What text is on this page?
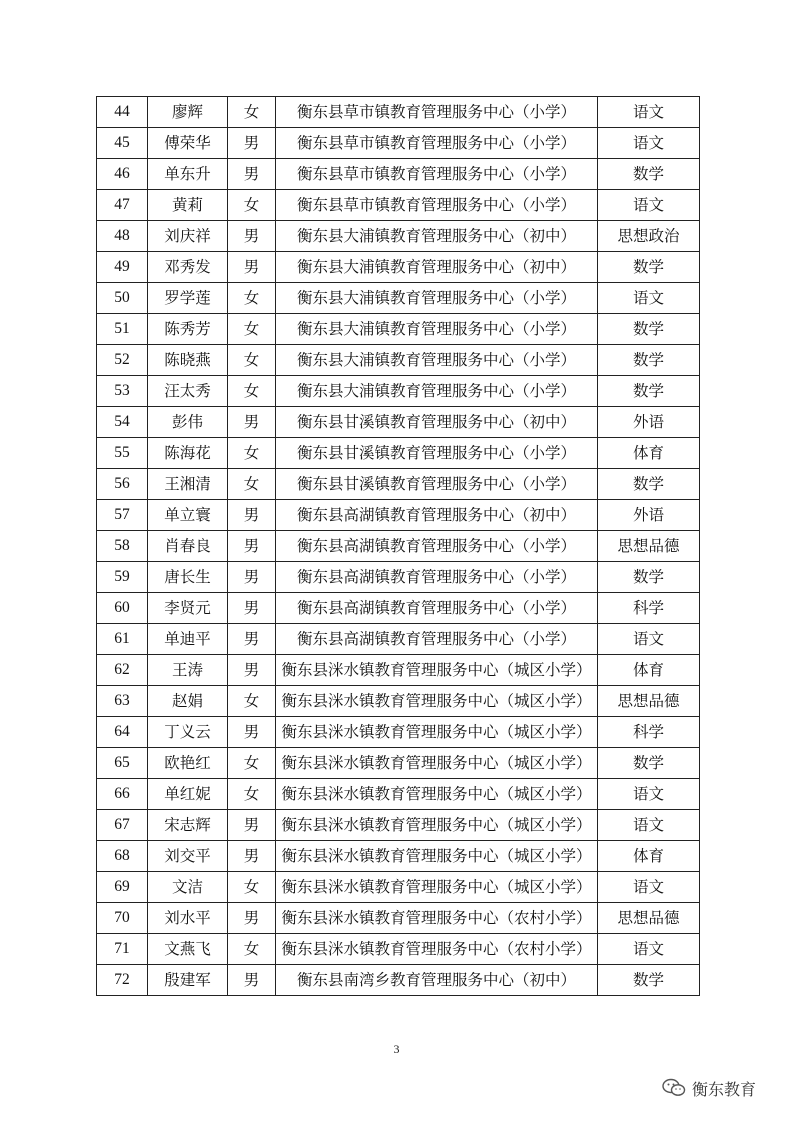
44	廖辉	女	衡东县草市镇教育管理服务中心（小学）	语文
45	傅荣华	男	衡东县草市镇教育管理服务中心（小学）	语文
46	单东升	男	衡东县草市镇教育管理服务中心（小学）	数学
47	黄莉	女	衡东县草市镇教育管理服务中心（小学）	语文
48	刘庆祥	男	衡东县大浦镇教育管理服务中心（初中）	思想政治
49	邓秀发	男	衡东县大浦镇教育管理服务中心（初中）	数学
50	罗学莲	女	衡东县大浦镇教育管理服务中心（小学）	语文
51	陈秀芳	女	衡东县大浦镇教育管理服务中心（小学）	数学
52	陈晓燕	女	衡东县大浦镇教育管理服务中心（小学）	数学
53	汪太秀	女	衡东县大浦镇教育管理服务中心（小学）	数学
54	彭伟	男	衡东县甘溪镇教育管理服务中心（初中）	外语
55	陈海花	女	衡东县甘溪镇教育管理服务中心（小学）	体育
56	王湘清	女	衡东县甘溪镇教育管理服务中心（小学）	数学
57	单立寰	男	衡东县高湖镇教育管理服务中心（初中）	外语
58	肖春良	男	衡东县高湖镇教育管理服务中心（小学）	思想品德
59	唐长生	男	衡东县高湖镇教育管理服务中心（小学）	数学
60	李贤元	男	衡东县高湖镇教育管理服务中心（小学）	科学
61	单迪平	男	衡东县高湖镇教育管理服务中心（小学）	语文
62	王涛	男	衡东县洣水镇教育管理服务中心（城区小学）	体育
63	赵娟	女	衡东县洣水镇教育管理服务中心（城区小学）	思想品德
64	丁义云	男	衡东县洣水镇教育管理服务中心（城区小学）	科学
65	欧艳红	女	衡东县洣水镇教育管理服务中心（城区小学）	数学
66	单红妮	女	衡东县洣水镇教育管理服务中心（城区小学）	语文
67	宋志辉	男	衡东县洣水镇教育管理服务中心（城区小学）	语文
68	刘交平	男	衡东县洣水镇教育管理服务中心（城区小学）	体育
69	文洁	女	衡东县洣水镇教育管理服务中心（城区小学）	语文
70	刘水平	男	衡东县洣水镇教育管理服务中心（农村小学）	思想品德
71	文燕飞	女	衡东县洣水镇教育管理服务中心（农村小学）	语文
72	殷建军	男	衡东县南湾乡教育管理服务中心（初中）	数学
3
衡东教育
